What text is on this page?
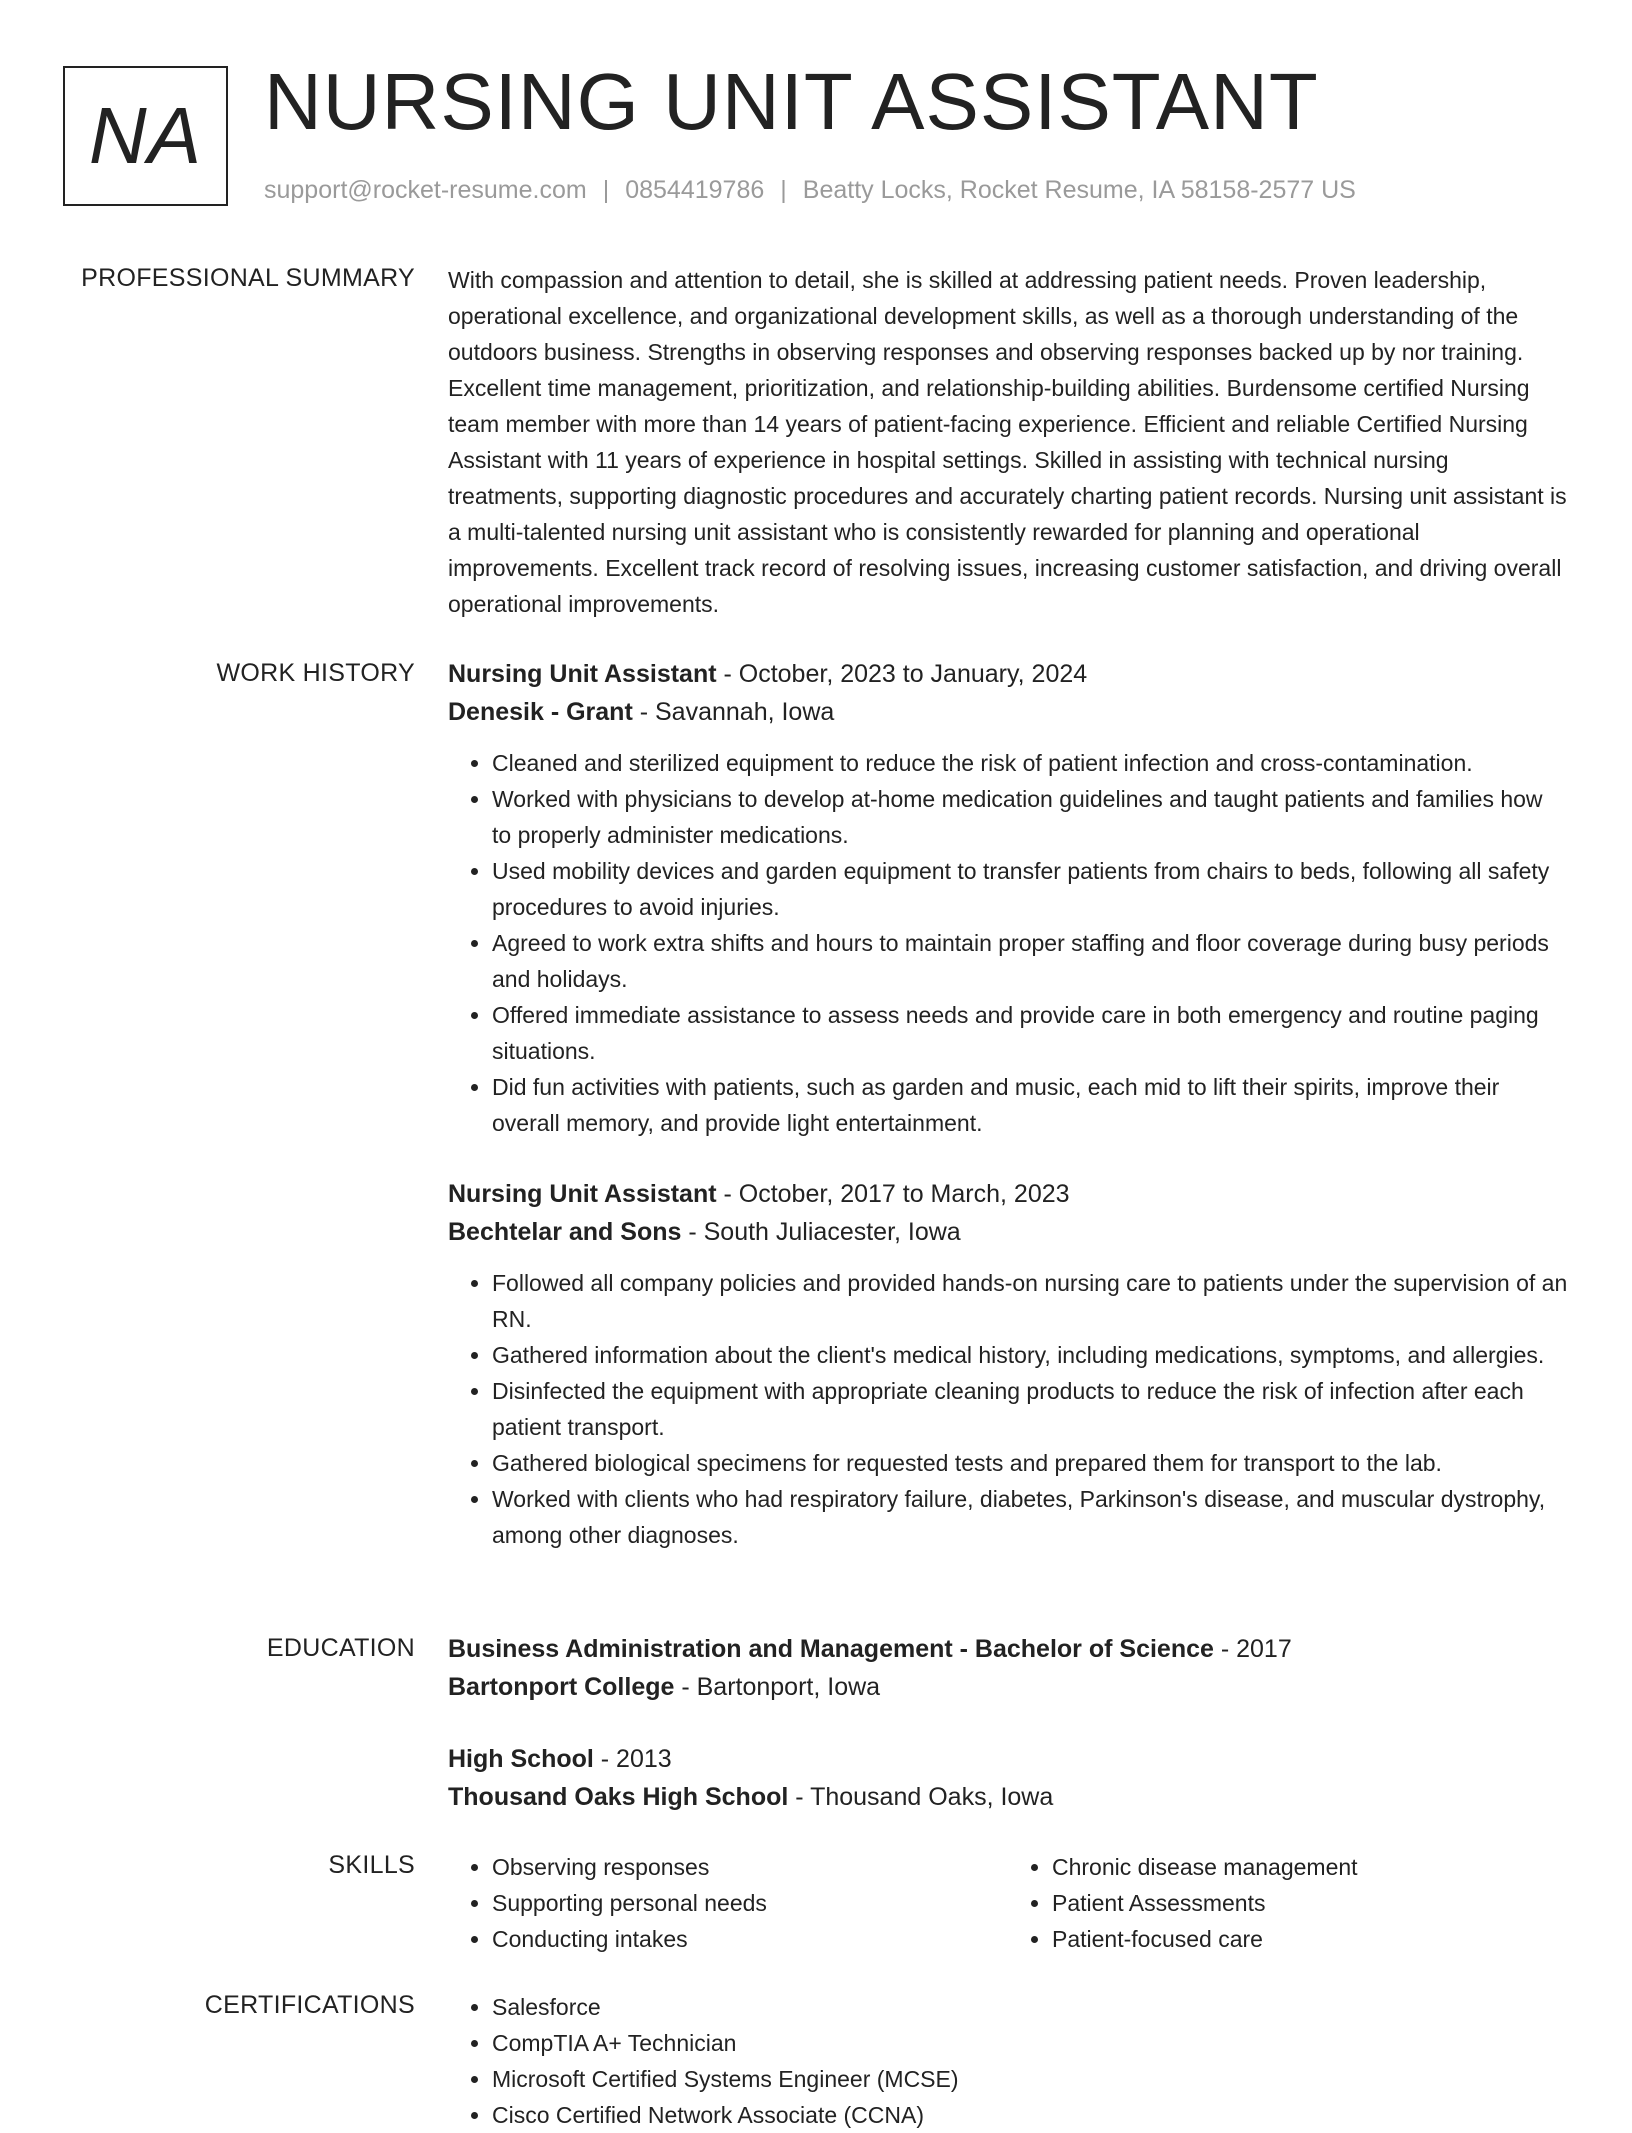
NA NURSING UNIT ASSISTANT
support@rocket-resume.com | 0854419786 | Beatty Locks, Rocket Resume, IA 58158-2577 US
PROFESSIONAL SUMMARY With compassion and attention to detail, she is skilled at addressing patient needs. Proven leadership, operational excellence, and organizational development skills, as well as a thorough understanding of the outdoors business. Strengths in observing responses and observing responses backed up by nor training. Excellent time management, prioritization, and relationship-building abilities. Burdensome certified Nursing team member with more than 14 years of patient-facing experience. Efficient and reliable Certified Nursing Assistant with 11 years of experience in hospital settings. Skilled in assisting with technical nursing treatments, supporting diagnostic procedures and accurately charting patient records. Nursing unit assistant is a multi-talented nursing unit assistant who is consistently rewarded for planning and operational improvements. Excellent track record of resolving issues, increasing customer satisfaction, and driving overall operational improvements.

WORK HISTORY Nursing Unit Assistant - October, 2023 to January, 2024

Denesik - Grant - Savannah, Iowa

• Cleaned and sterilized equipment to reduce the risk of patient infection and cross-contamination.
• Worked with physicians to develop at-home medication guidelines and taught patients and families how to properly administer medications.
• Used mobility devices and garden equipment to transfer patients from chairs to beds, following all safety procedures to avoid injuries.
• Agreed to work extra shifts and hours to maintain proper staffing and floor coverage during busy periods and holidays.
• Offered immediate assistance to assess needs and provide care in both emergency and routine paging situations.
• Did fun activities with patients, such as garden and music, each mid to lift their spirits, improve their overall memory, and provide light entertainment.

Nursing Unit Assistant - October, 2017 to March, 2023

Bechtelar and Sons - South Juliacester, Iowa

• Followed all company policies and provided hands-on nursing care to patients under the supervision of an RN.
• Gathered information about the client's medical history, including medications, symptoms, and allergies.
• Disinfected the equipment with appropriate cleaning products to reduce the risk of infection after each patient transport.
• Gathered biological specimens for requested tests and prepared them for transport to the lab.
• Worked with clients who had respiratory failure, diabetes, Parkinson's disease, and muscular dystrophy, among other diagnoses.
EDUCATION Business Administration and Management - Bachelor of Science - 2017

Bartonport College - Bartonport, Iowa

High School - 2013

Thousand Oaks High School - Thousand Oaks, Iowa

SKILLS	• Observing responses
• Supporting personal needs
• Conducting intakes
• Chronic disease management
• Patient Assessments
• Patient-focused care
CERTIFICATIONS	• Salesforce
• CompTIA A+ Technician
• Microsoft Certified Systems Engineer (MCSE)
• Cisco Certified Network Associate (CCNA)
